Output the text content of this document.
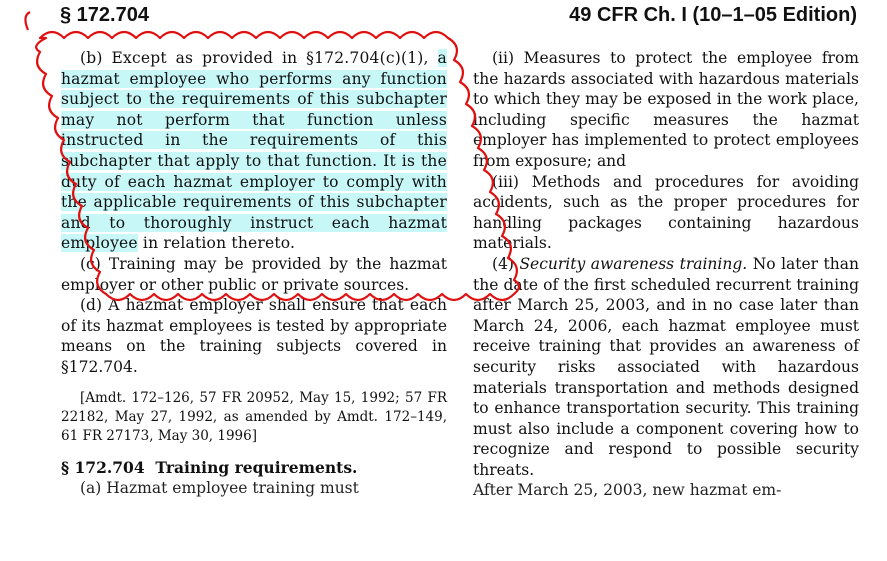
§ 172.704	49 CFR Ch. I (10–1–05 Edition)

(b) Except as provided in §172.704(c)(1), a hazmat employee who performs any function subject to the requirements of this subchapter may not perform that function unless instructed in the requirements of this subchapter that apply to that function. It is the duty of each hazmat employer to comply with the applicable requirements of this subchapter and to thoroughly instruct each hazmat employee in relation thereto.

(c) Training may be provided by the hazmat employer or other public or private sources.

(d) A hazmat employer shall ensure that each of its hazmat employees is tested by appropriate means on the training subjects covered in §172.704.

[Amdt. 172–126, 57 FR 20952, May 15, 1992; 57 FR 22182, May 27, 1992, as amended by Amdt. 172–149, 61 FR 27173, May 30, 1996]

§ 172.704 Training requirements.

(a) Hazmat employee training must

(ii) Measures to protect the employee from the hazards associated with hazardous materials to which they may be exposed in the work place, including specific measures the hazmat employer has implemented to protect employees from exposure; and

(iii) Methods and procedures for avoiding accidents, such as the proper procedures for handling packages containing hazardous materials.

(4) Security awareness training. No later than the date of the first scheduled recurrent training after March 25, 2003, and in no case later than March 24, 2006, each hazmat employee must receive training that provides an awareness of security risks associated with hazardous materials transportation and methods designed to enhance transportation security. This training must also include a component covering how to recognize and respond to possible security threats.

After March 25, 2003, new hazmat em-
